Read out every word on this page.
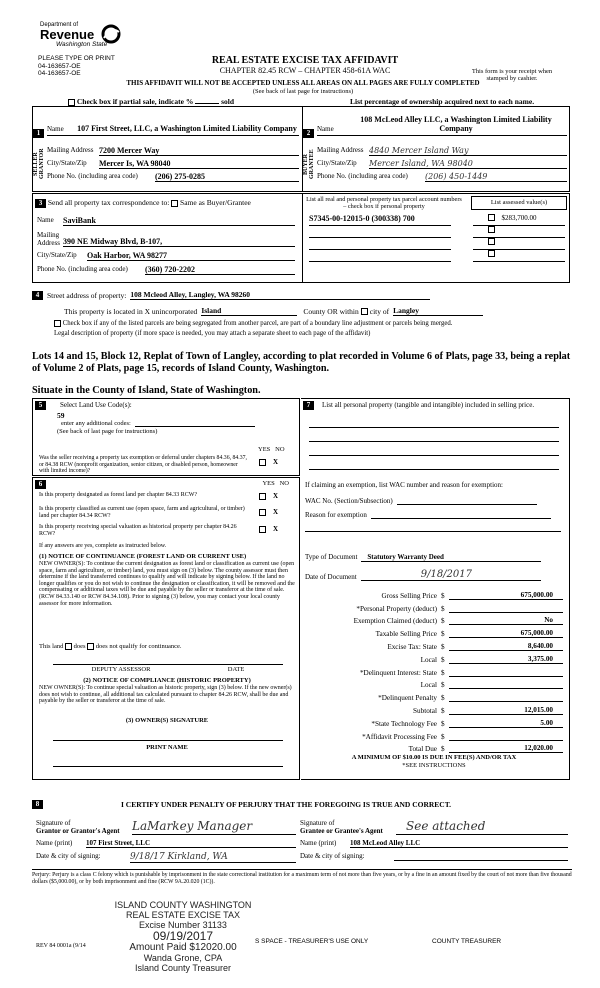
Department of
Revenue
Washington State
PLEASE TYPE OR PRINT
04-163657-OE
04-163657-OE
REAL ESTATE EXCISE TAX AFFIDAVIT
CHAPTER 82.45 RCW – CHAPTER 458-61A WAC
THIS AFFIDAVIT WILL NOT BE ACCEPTED UNLESS ALL AREAS ON ALL PAGES ARE FULLY COMPLETED
(See back of last page for instructions)
This form is your receipt when stamped by cashier.
Check box if partial sale, indicate %	sold	List percentage of ownership acquired next to each name.
1
SELLER GRANTOR
Name	107 First Street, LLC, a Washington Limited Liability Company
Mailing Address 7200 Mercer Way
City/State/Zip	Mercer Is, WA 98040
Phone No. (including area code)	(206) 275-0285
2
BUYER GRANTEE
Name
108 McLeod Alley LLC, a Washington Limited Liability Company
Mailing Address 4840 Mercer Island Way
City/State/Zip	Mercer Island, WA 98040
Phone No. (including area code)	(206) 450-1449
3 Send all property tax correspondence to: Same as Buyer/Grantee
Name	SaviBank
Mailing Address 390 NE Midway Blvd, B-107,
City/State/Zip	Oak Harbor, WA 98277
Phone No. (including area code)	(360) 720-2202
List all real and personal property tax parcel account numbers – check box if personal property
List assessed value(s)
S7345-00-12015-0 (300338) 700	$283,700.00
4	Street address of property: 108 Mcleod Alley, Langley, WA 98260
This property is located in
X unincorporated Island	County OR within city of Langley
Check box if any of the listed parcels are being segregated from another parcel, are part of a boundary line adjustment or parcels being merged.
Legal description of property (if more space is needed, you may attach a separate sheet to each page of the affidavit)
Lots 14 and 15, Block 12, Replat of Town of Langley, according to plat recorded in Volume 6 of Plats, page 33, being a replat of Volume 2 of Plats, page 15, records of Island County, Washington.
Situate in the County of Island, State of Washington.
5	Select Land Use Code(s):
59
enter any additional codes:
(See back of last page for instructions)
YES NO
Was the seller receiving a property tax exemption or deferral under chapters 84.36, 84.37, or 84.38 RCW (nonprofit organization, senior citizen, or disabled person, homeowner with limited income)?
X
6	YES NO
Is this property designated as forest land per chapter 84.33 RCW?	X
Is this property classified as current use (open space, farm and agricultural, or timber) land per chapter 84.34 RCW?	X
Is this property receiving special valuation as historical property per chapter 84.26 RCW?
X
If any answers are yes, complete as instructed below.
(1) NOTICE OF CONTINUANCE (FOREST LAND OR CURRENT USE)
NEW OWNER(S): To continue the current designation as forest land or classification as current use (open space, farm and agriculture, or timber) land, you must sign on (3) below. The county assessor must then determine if the land transferred continues to qualify and will indicate by signing below. If the land no longer qualifies or you do not wish to continue the designation or classification, it will be removed and the compensating or additional taxes will be due and payable by the seller or transferor at the time of sale. (RCW 84.33.140 or RCW 84.34.108). Prior to signing (3) below, you may contact your local county assessor for more information.
This land

does

does not qualify for continuance.
DEPUTY ASSESSOR	DATE
(2) NOTICE OF COMPLIANCE (HISTORIC PROPERTY)
NEW OWNER(S): To continue special valuation as historic property, sign (3) below. If the new owner(s) does not wish to continue, all additional tax calculated pursuant to chapter 84.26 RCW, shall be due and payable by the seller or transferor at the time of sale.
(3) OWNER(S) SIGNATURE
PRINT NAME
7	List all personal property (tangible and intangible) included in selling price.
If claiming an exemption, list WAC number and reason for exemption:
WAC No. (Section/Subsection)
Reason for exemption
Type of Document	Statutory Warranty Deed
Date of Document	9/18/2017
Gross Selling Price $	675,000.00
*Personal Property (deduct) $
Exemption Claimed (deduct) $	No
Taxable Selling Price $	675,000.00
Excise Tax: State $	8,640.00
Local $	3,375.00
*Delinquent Interest: State $
Local $
*Delinquent Penalty $
Subtotal $	12,015.00
*State Technology Fee $	5.00
*Affidavit Processing Fee $
Total Due $	12,020.00
A MINIMUM OF $10.00 IS DUE IN FEE(S) AND/OR TAX
*SEE INSTRUCTIONS
8	I CERTIFY UNDER PENALTY OF PERJURY THAT THE FOREGOING IS TRUE AND CORRECT.
Signature of
Grantor or Grantor's Agent	LaMarkey Manager
Name (print)	107 First Street, LLC
Date & city of signing:	9/18/17 Kirkland, WA
Signature of
Grantee or Grantee's Agent	See attached
Name (print)	108 McLeod Alley LLC
Date & city of signing:
Perjury: Perjury is a class C felony which is punishable by imprisonment in the state correctional institution for a maximum term of not more than five years, or by a fine in an amount fixed by the court of not more than five thousand dollars ($5,000.00), or by both imprisonment and fine (RCW 9A.20.020 (1C)).
ISLAND COUNTY WASHINGTON
REAL ESTATE EXCISE TAX
Excise Number 31133
09/19/2017
Amount Paid $12020.00
Wanda Grone, CPA
Island County Treasurer
REV 84 0001a (9/14
S SPACE - TREASURER'S USE ONLY	COUNTY TREASURER
